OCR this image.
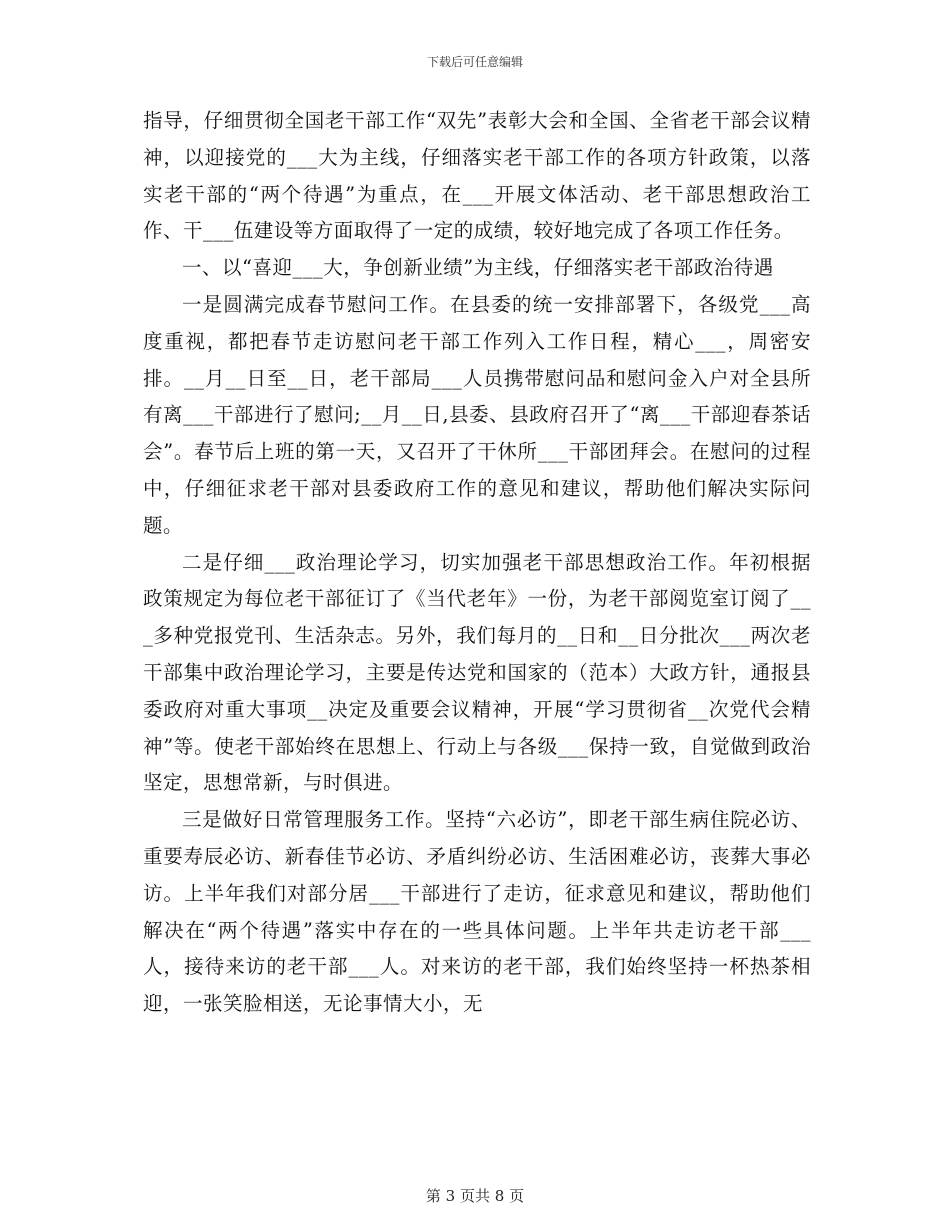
下载后可任意编辑

指导，仔细贯彻全国老干部工作“双先”表彰大会和全国、全省老干部会议精神，以迎接党的___大为主线，仔细落实老干部工作的各项方针政策，以落实老干部的“两个待遇”为重点，在___开展文体活动、老干部思想政治工作、干___伍建设等方面取得了一定的成绩，较好地完成了各项工作任务。

一、以“喜迎___大，争创新业绩”为主线，仔细落实老干部政治待遇

一是圆满完成春节慰问工作。在县委的统一安排部署下，各级党___高度重视，都把春节走访慰问老干部工作列入工作日程，精心___，周密安排。__月__日至__日，老干部局___人员携带慰问品和慰问金入户对全县所有离___干部进行了慰问;__月__日,县委、县政府召开了“离___干部迎春茶话会”。春节后上班的第一天，又召开了干休所___干部团拜会。在慰问的过程中，仔细征求老干部对县委政府工作的意见和建议，帮助他们解决实际问题。

二是仔细___政治理论学习，切实加强老干部思想政治工作。年初根据政策规定为每位老干部征订了《当代老年》一份，为老干部阅览室订阅了___多种党报党刊、生活杂志。另外，我们每月的__日和__日分批次___两次老干部集中政治理论学习，主要是传达党和国家的（范本）大政方针，通报县委政府对重大事项__决定及重要会议精神，开展“学习贯彻省__次党代会精神”等。使老干部始终在思想上、行动上与各级___保持一致，自觉做到政治坚定，思想常新，与时俱进。

三是做好日常管理服务工作。坚持“六必访”，即老干部生病住院必访、重要寿辰必访、新春佳节必访、矛盾纠纷必访、生活困难必访，丧葬大事必访。上半年我们对部分居___干部进行了走访，征求意见和建议，帮助他们解决在“两个待遇”落实中存在的一些具体问题。上半年共走访老干部___人，接待来访的老干部___人。对来访的老干部，我们始终坚持一杯热茶相迎，一张笑脸相送，无论事情大小，无

第 3 页共 8 页
